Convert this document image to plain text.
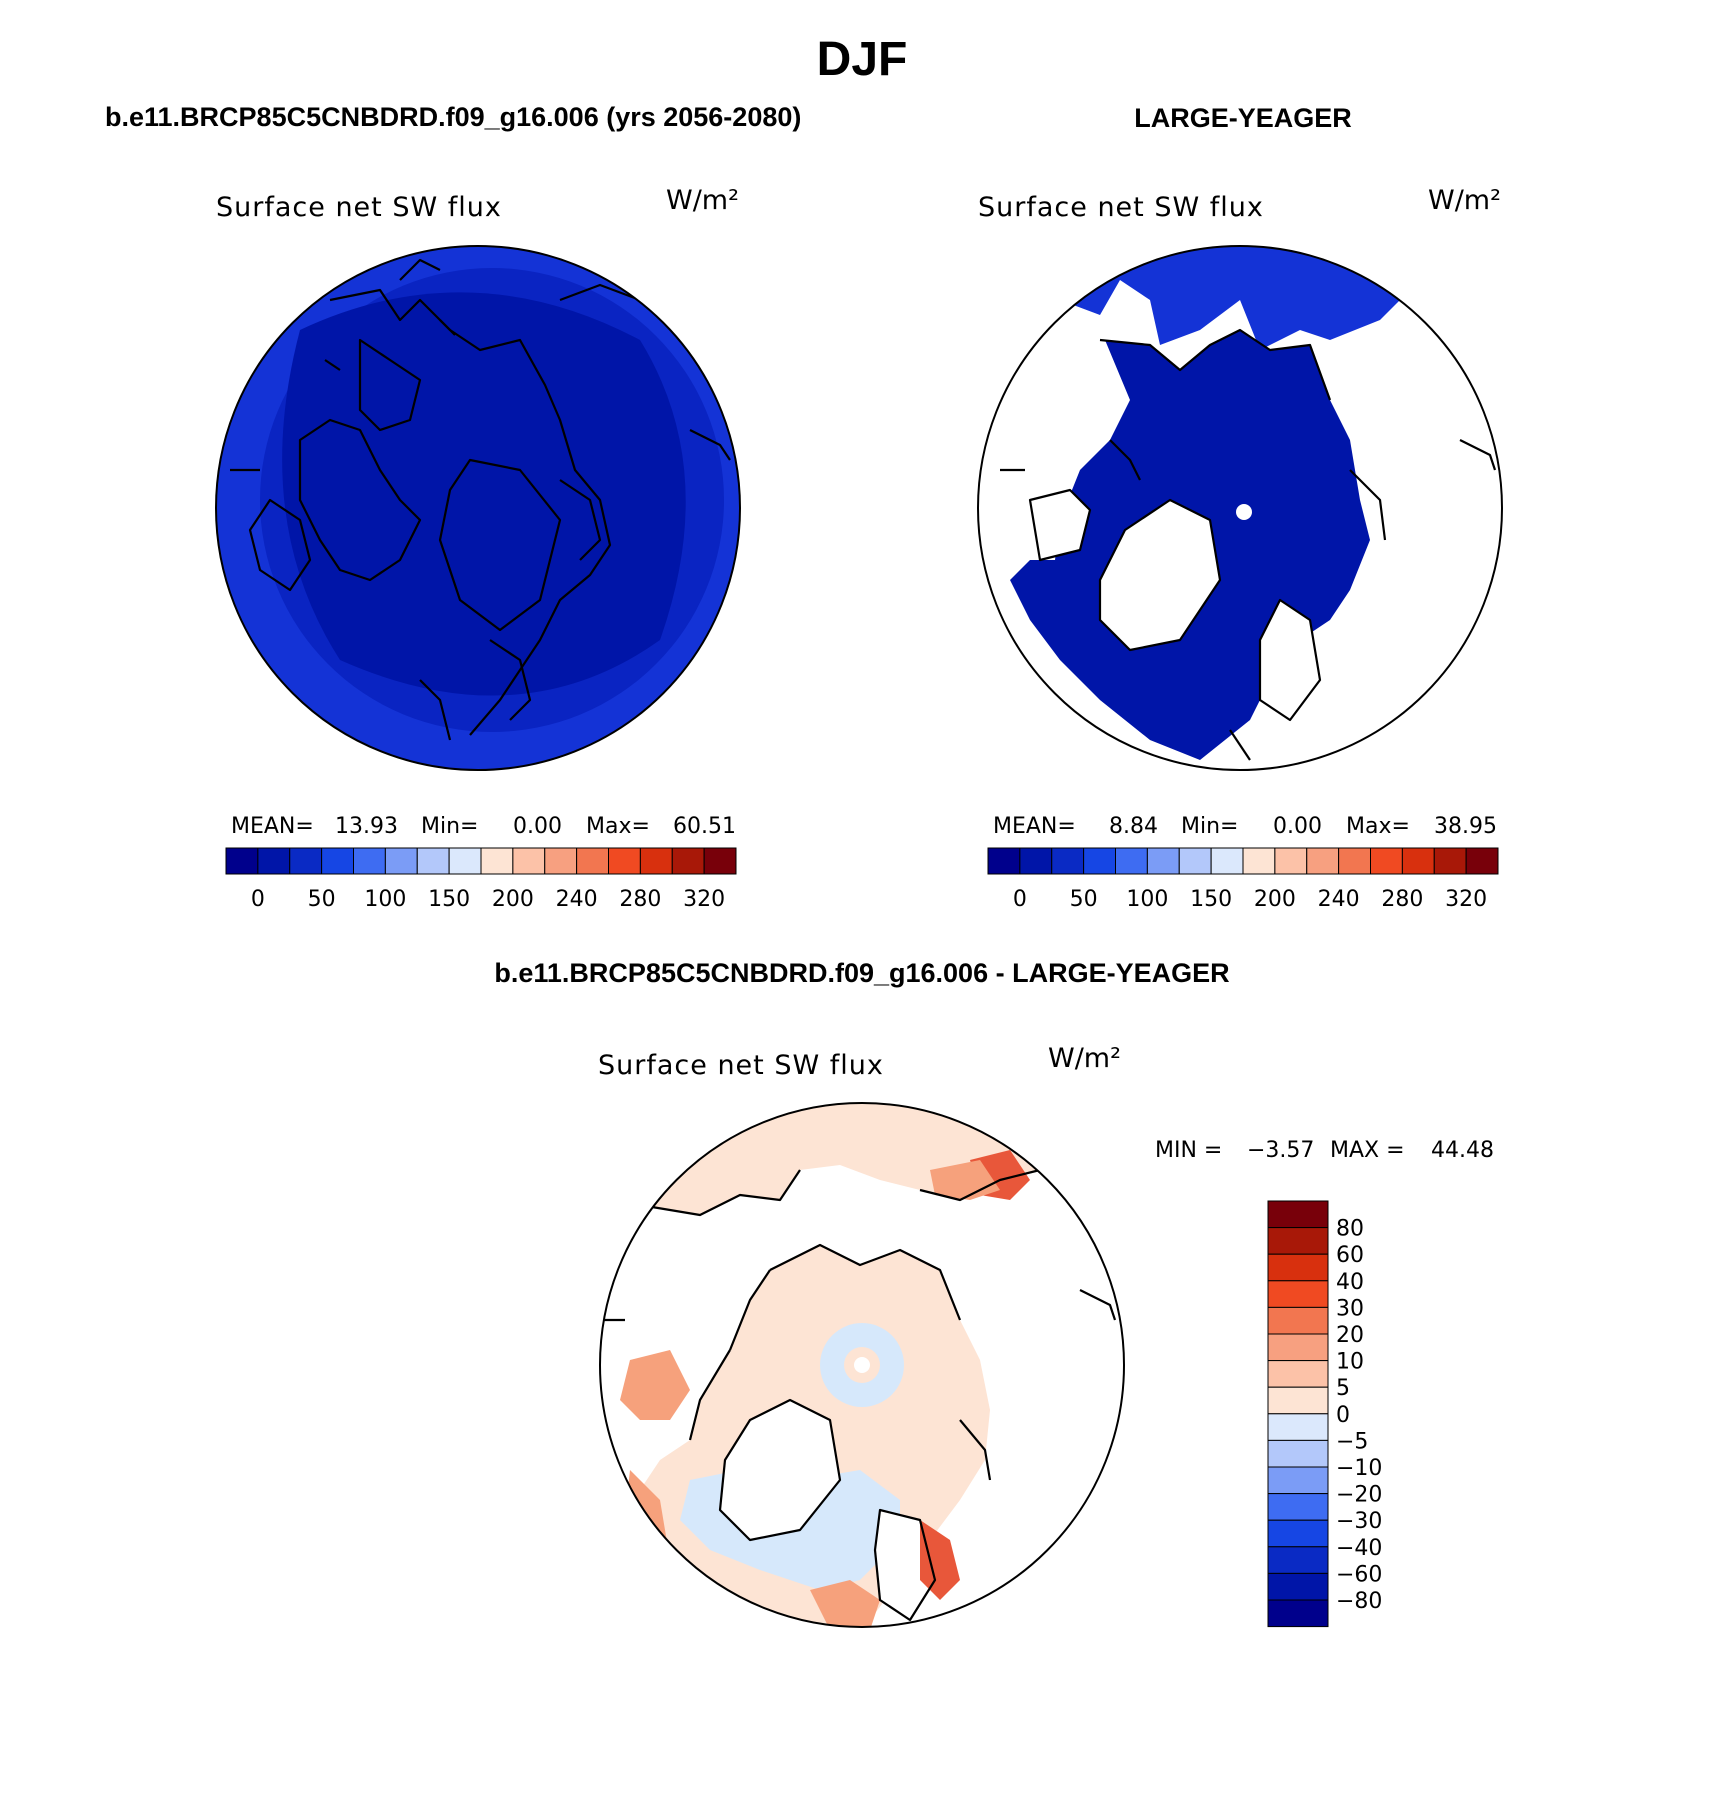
DJF
b.e11.BRCP85C5CNBDRD.f09_g16.006 (yrs 2056-2080)	LARGE-YEAGER
b.e11.BRCP85C5CNBDRD.f09_g16.006 - LARGE-YEAGER
Surface net SW flux	W/m²	Surface net SW flux	W/m²
Surface net SW flux	W/m²
MEAN= 13.93 Min= 0.00 Max= 60.51	MEAN= 8.84 Min= 0.00 Max= 38.95
MIN = −3.57 MAX = 44.48
0 50 100 150 200 240 280 320	0 50 100 150 200 240 280 320
80
60
40
30
20
10
5
0
−5
−10
−20
−30
−40
−60
−80
